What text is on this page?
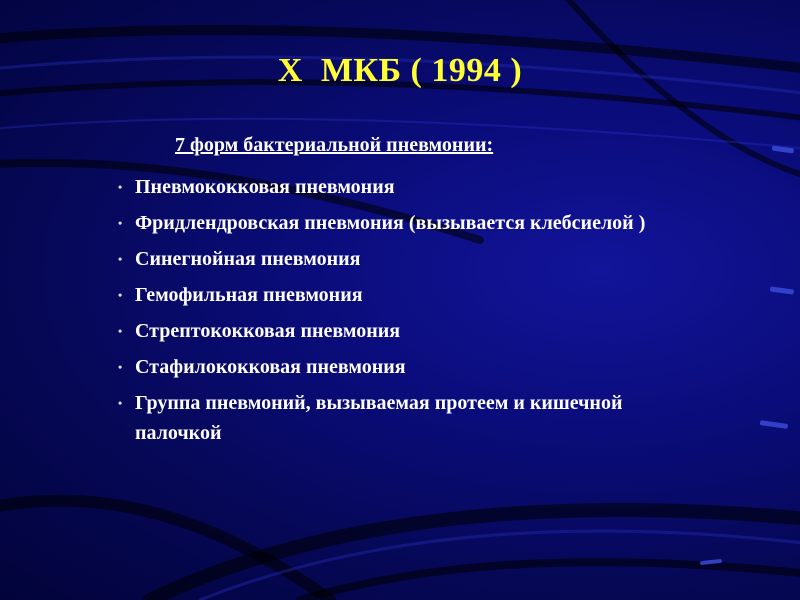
Х  МКБ ( 1994 )
7 форм бактериальной пневмонии:
• Пневмококковая пневмония
• Фридлендровская пневмония (вызывается клебсиелой )
• Синегнойная пневмония
• Гемофильная пневмония
• Стрептококковая пневмония
• Стафилококковая пневмония
• Группа пневмоний, вызываемая протеем и кишечной палочкой
